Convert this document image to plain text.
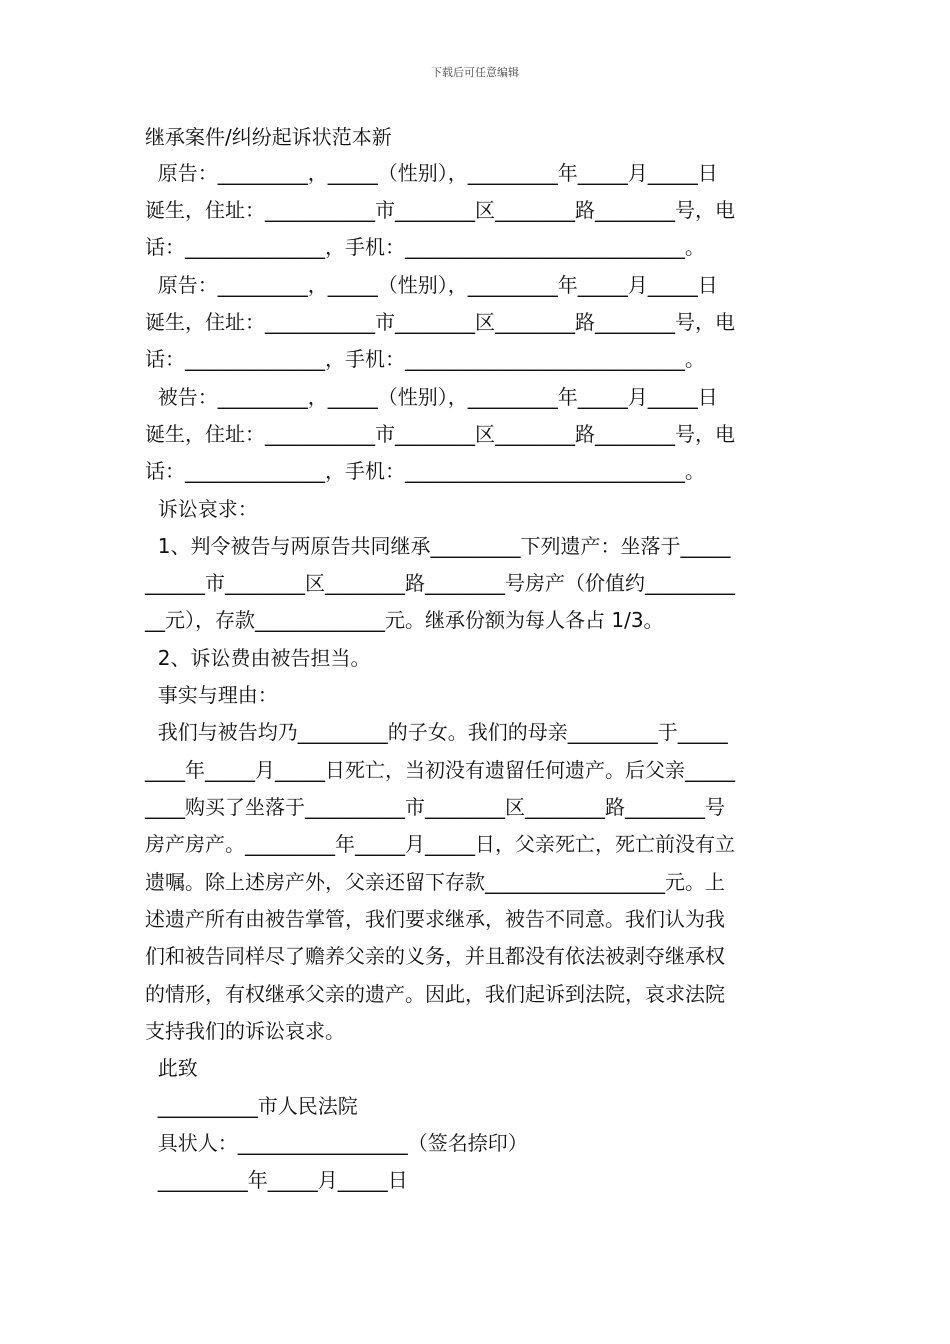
下载后可任意编辑
继承案件/纠纷起诉状范本新
原告：_________，_____（性别），_________年_____月_____日
诞生，住址：___________市________区________路________号，电
话：______________，手机：____________________________。
原告：_________，_____（性别），_________年_____月_____日
诞生，住址：___________市________区________路________号，电
话：______________，手机：____________________________。
被告：_________，_____（性别），_________年_____月_____日
诞生，住址：___________市________区________路________号，电
话：______________，手机：____________________________。
诉讼哀求：
1、判令被告与两原告共同继承_________下列遗产：坐落于_____
______市________区________路________号房产（价值约_________
__元），存款_____________元。继承份额为每人各占 1/3。
2、诉讼费由被告担当。
事实与理由：
我们与被告均乃_________的子女。我们的母亲_________于_____
____年_____月_____日死亡，当初没有遗留任何遗产。后父亲_____
____购买了坐落于__________市________区________路________号
房产房产。_________年_____月_____日，父亲死亡，死亡前没有立
遗嘱。除上述房产外，父亲还留下存款__________________元。上
述遗产所有由被告掌管，我们要求继承，被告不同意。我们认为我
们和被告同样尽了赡养父亲的义务，并且都没有依法被剥夺继承权
的情形，有权继承父亲的遗产。因此，我们起诉到法院，哀求法院
支持我们的诉讼哀求。
此致
__________市人民法院
具状人：_________________（签名捺印）
_________年_____月_____日
